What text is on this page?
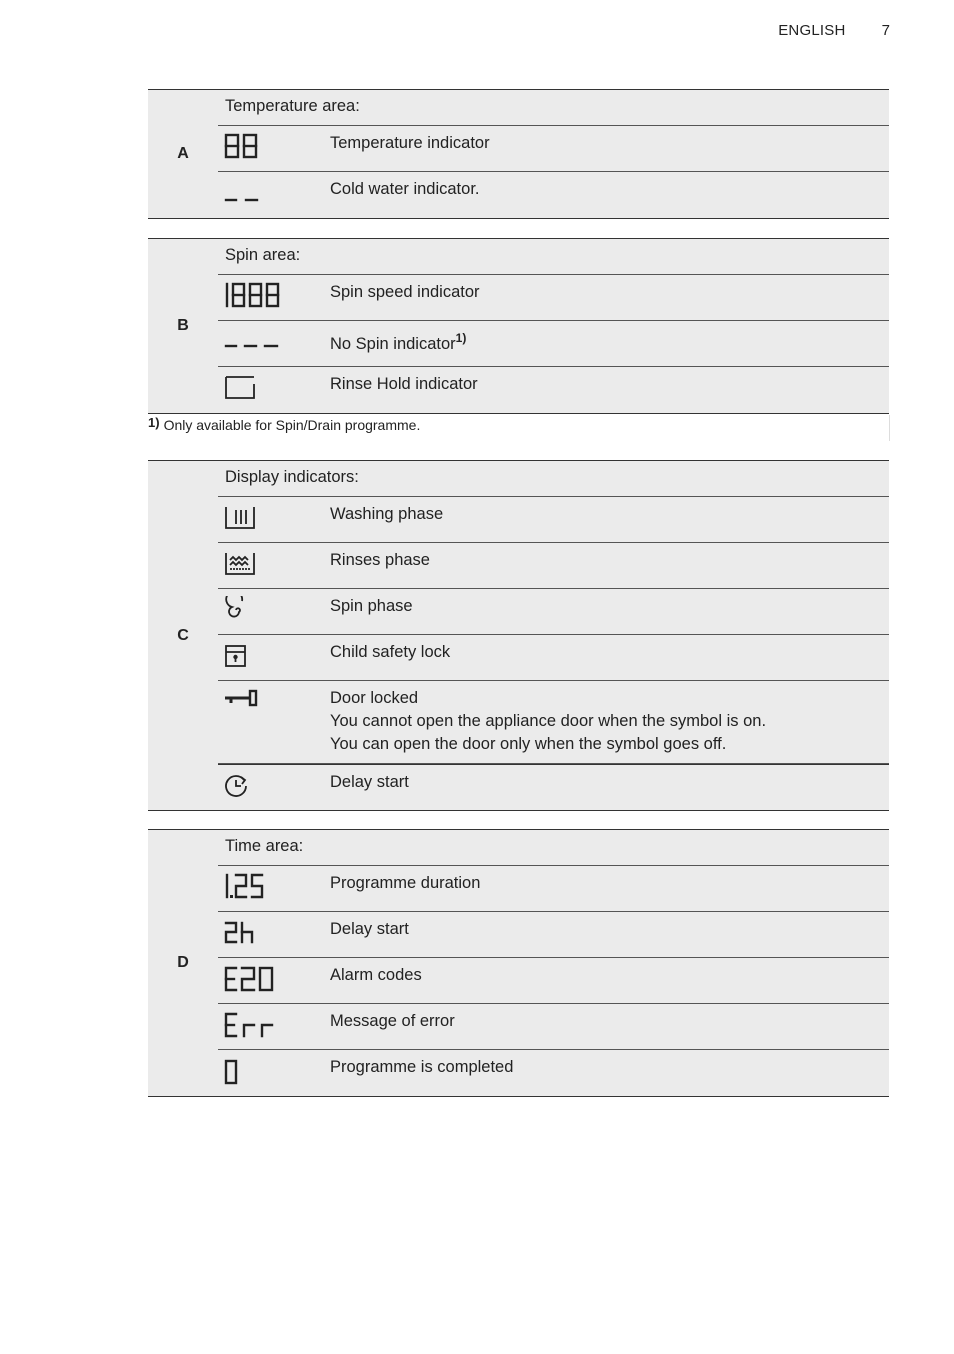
ENGLISH 7
A
Temperature area:
Temperature indicator
Cold water indicator.
B
Spin area:
Spin speed indicator
No Spin indicator$^{1)}$
Rinse Hold indicator
1) Only available for Spin/Drain programme.
C
Display indicators:
Washing phase
Rinses phase
Spin phase
Child safety lock
Door locked
You cannot open the appliance door when the symbol is on.
You can open the door only when the symbol goes off.
Delay start
D
Time area:
Programme duration
Delay start
Alarm codes
Message of error
Programme is completed
